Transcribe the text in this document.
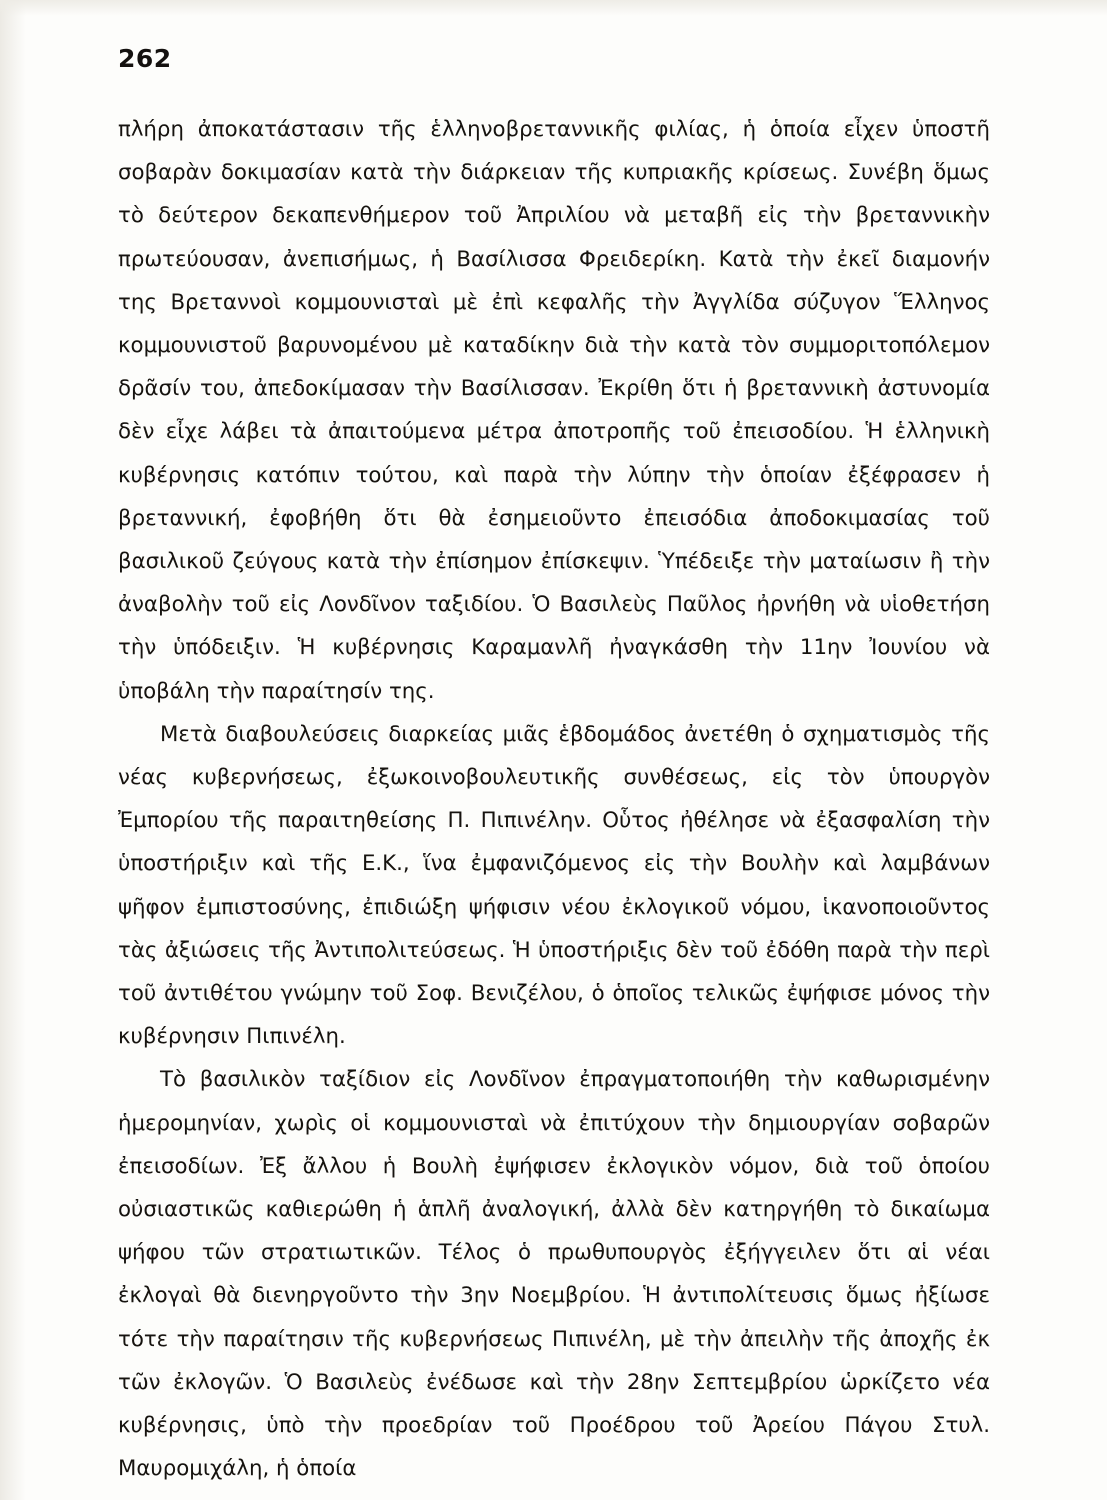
262

πλήρη ἀποκατάστασιν τῆς ἑλληνοβρεταννικῆς φιλίας, ἡ ὁποία εἶχεν ὑποστῆ σοβαρὰν δοκιμασίαν κατὰ τὴν διάρκειαν τῆς κυπριακῆς κρίσεως. Συνέβη ὅμως τὸ δεύτερον δεκαπενθήμερον τοῦ Ἀπριλίου νὰ μεταβῆ εἰς τὴν βρεταννικὴν πρωτεύουσαν, ἀνεπισήμως, ἡ Βασίλισσα Φρειδερίκη. Κατὰ τὴν ἐκεῖ διαμονήν της Βρεταννοὶ κομμουνισταὶ μὲ ἐπὶ κεφαλῆς τὴν Ἀγγλίδα σύζυγον Ἕλληνος κομμουνιστοῦ βαρυνομένου μὲ καταδίκην διὰ τὴν κατὰ τὸν συμμοριτοπόλεμον δρᾶσίν του, ἀπεδοκίμασαν τὴν Βασίλισσαν. Ἐκρίθη ὅτι ἡ βρεταννικὴ ἀστυνομία δὲν εἶχε λάβει τὰ ἀπαιτούμενα μέτρα ἀποτροπῆς τοῦ ἐπεισοδίου. Ἡ ἑλληνικὴ κυβέρνησις κατόπιν τούτου, καὶ παρὰ τὴν λύπην τὴν ὁποίαν ἐξέφρασεν ἡ βρεταννική, ἐφοβήθη ὅτι θὰ ἐσημειοῦντο ἐπεισόδια ἀποδοκιμασίας τοῦ βασιλικοῦ ζεύγους κατὰ τὴν ἐπίσημον ἐπίσκεψιν. Ὑπέδειξε τὴν ματαίωσιν ἢ τὴν ἀναβολὴν τοῦ εἰς Λονδῖνον ταξιδίου. Ὁ Βασιλεὺς Παῦλος ἠρνήθη νὰ υἱοθετήση τὴν ὑπόδειξιν. Ἡ κυβέρνησις Καραμανλῆ ἠναγκάσθη τὴν 11ην Ἰουνίου νὰ ὑποβάλη τὴν παραίτησίν της.

Μετὰ διαβουλεύσεις διαρκείας μιᾶς ἑβδομάδος ἀνετέθη ὁ σχηματισμὸς τῆς νέας κυβερνήσεως, ἐξωκοινοβουλευτικῆς συνθέσεως, εἰς τὸν ὑπουργὸν Ἐμπορίου τῆς παραιτηθείσης Π. Πιπινέλην. Οὗτος ἠθέλησε νὰ ἐξασφαλίση τὴν ὑποστήριξιν καὶ τῆς Ε.Κ., ἵνα ἐμφανιζόμενος εἰς τὴν Βουλὴν καὶ λαμβάνων ψῆφον ἐμπιστοσύνης, ἐπιδιώξη ψήφισιν νέου ἐκλογικοῦ νόμου, ἱκανοποιοῦντος τὰς ἀξιώσεις τῆς Ἀντιπολιτεύσεως. Ἡ ὑποστήριξις δὲν τοῦ ἐδόθη παρὰ τὴν περὶ τοῦ ἀντιθέτου γνώμην τοῦ Σοφ. Βενιζέλου, ὁ ὁποῖος τελικῶς ἐψήφισε μόνος τὴν κυβέρνησιν Πιπινέλη.

Τὸ βασιλικὸν ταξίδιον εἰς Λονδῖνον ἐπραγματοποιήθη τὴν καθωρισμένην ἡμερομηνίαν, χωρὶς οἱ κομμουνισταὶ νὰ ἐπιτύχουν τὴν δημιουργίαν σοβαρῶν ἐπεισοδίων. Ἐξ ἄλλου ἡ Βουλὴ ἐψήφισεν ἐκλογικὸν νόμον, διὰ τοῦ ὁποίου οὐσιαστικῶς καθιερώθη ἡ ἁπλῆ ἀναλογική, ἀλλὰ δὲν κατηργήθη τὸ δικαίωμα ψήφου τῶν στρατιωτικῶν. Τέλος ὁ πρωθυπουργὸς ἐξήγγειλεν ὅτι αἱ νέαι ἐκλογαὶ θὰ διενηργοῦντο τὴν 3ην Νοεμβρίου. Ἡ ἀντιπολίτευσις ὅμως ἠξίωσε τότε τὴν παραίτησιν τῆς κυβερνήσεως Πιπινέλη, μὲ τὴν ἀπειλὴν τῆς ἀποχῆς ἐκ τῶν ἐκλογῶν. Ὁ Βασιλεὺς ἐνέδωσε καὶ τὴν 28ην Σεπτεμβρίου ὡρκίζετο νέα κυβέρνησις, ὑπὸ τὴν προεδρίαν τοῦ Προέδρου τοῦ Ἀρείου Πάγου Στυλ. Μαυρομιχάλη, ἡ ὁποία
